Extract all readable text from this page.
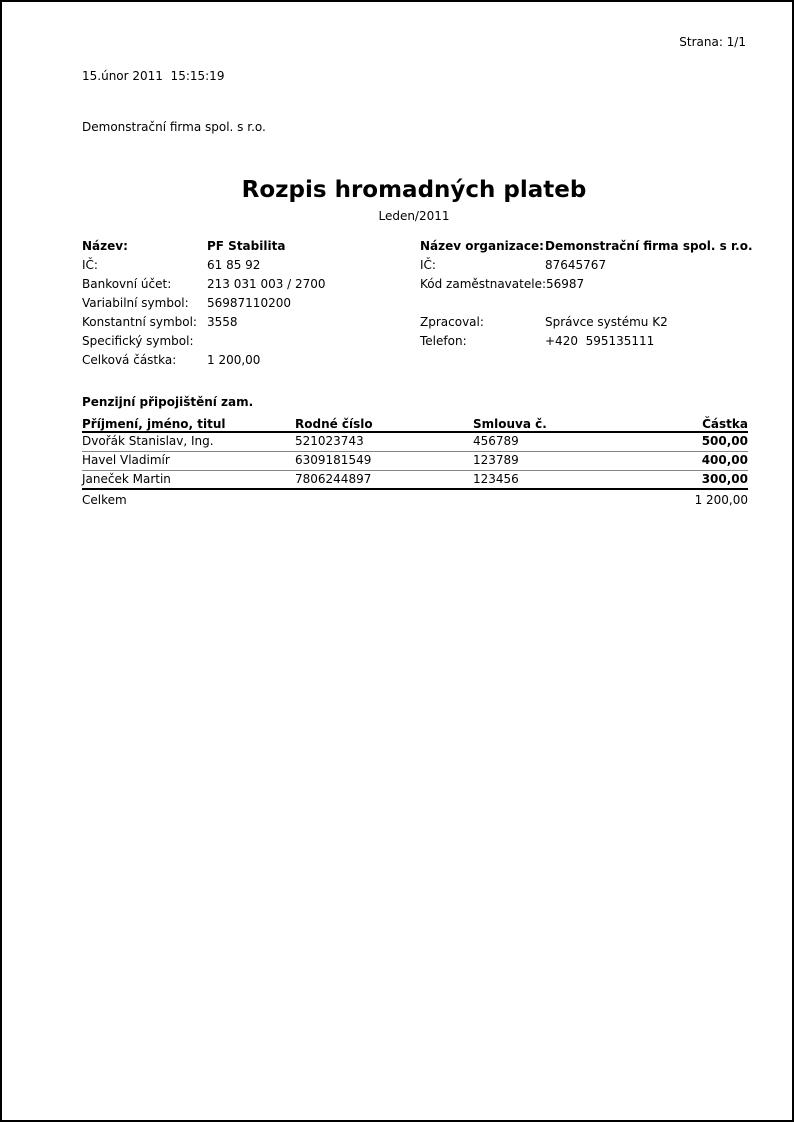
15.únor 2011  15:15:19

Demonstrační firma spol. s r.o.

Strana: 1/1
Rozpis hromadných plateb
Leden/2011
Název:	PF Stabilita
IČ:	61 85 92
Bankovní účet:	213 031 003 / 2700
Variabilní symbol:	56987110200
Konstantní symbol: 3558
Specifický symbol:
Celková částka:	1 200,00
Název organizace: Demonstrační firma spol. s r.o.
IČ:	87645767
Kód zaměstnavatele: 56987
Zpracoval:	Správce systému K2
Telefon:	+420  595135111
Penzijní připojištění zam.
Příjmení, jméno, titul	Rodné číslo	Smlouva č.	Částka
Dvořák Stanislav, Ing.	521023743	456789	500,00
Havel Vladimír	6309181549	123789	400,00
Janeček Martin	7806244897	123456	300,00
Celkem			1 200,00
